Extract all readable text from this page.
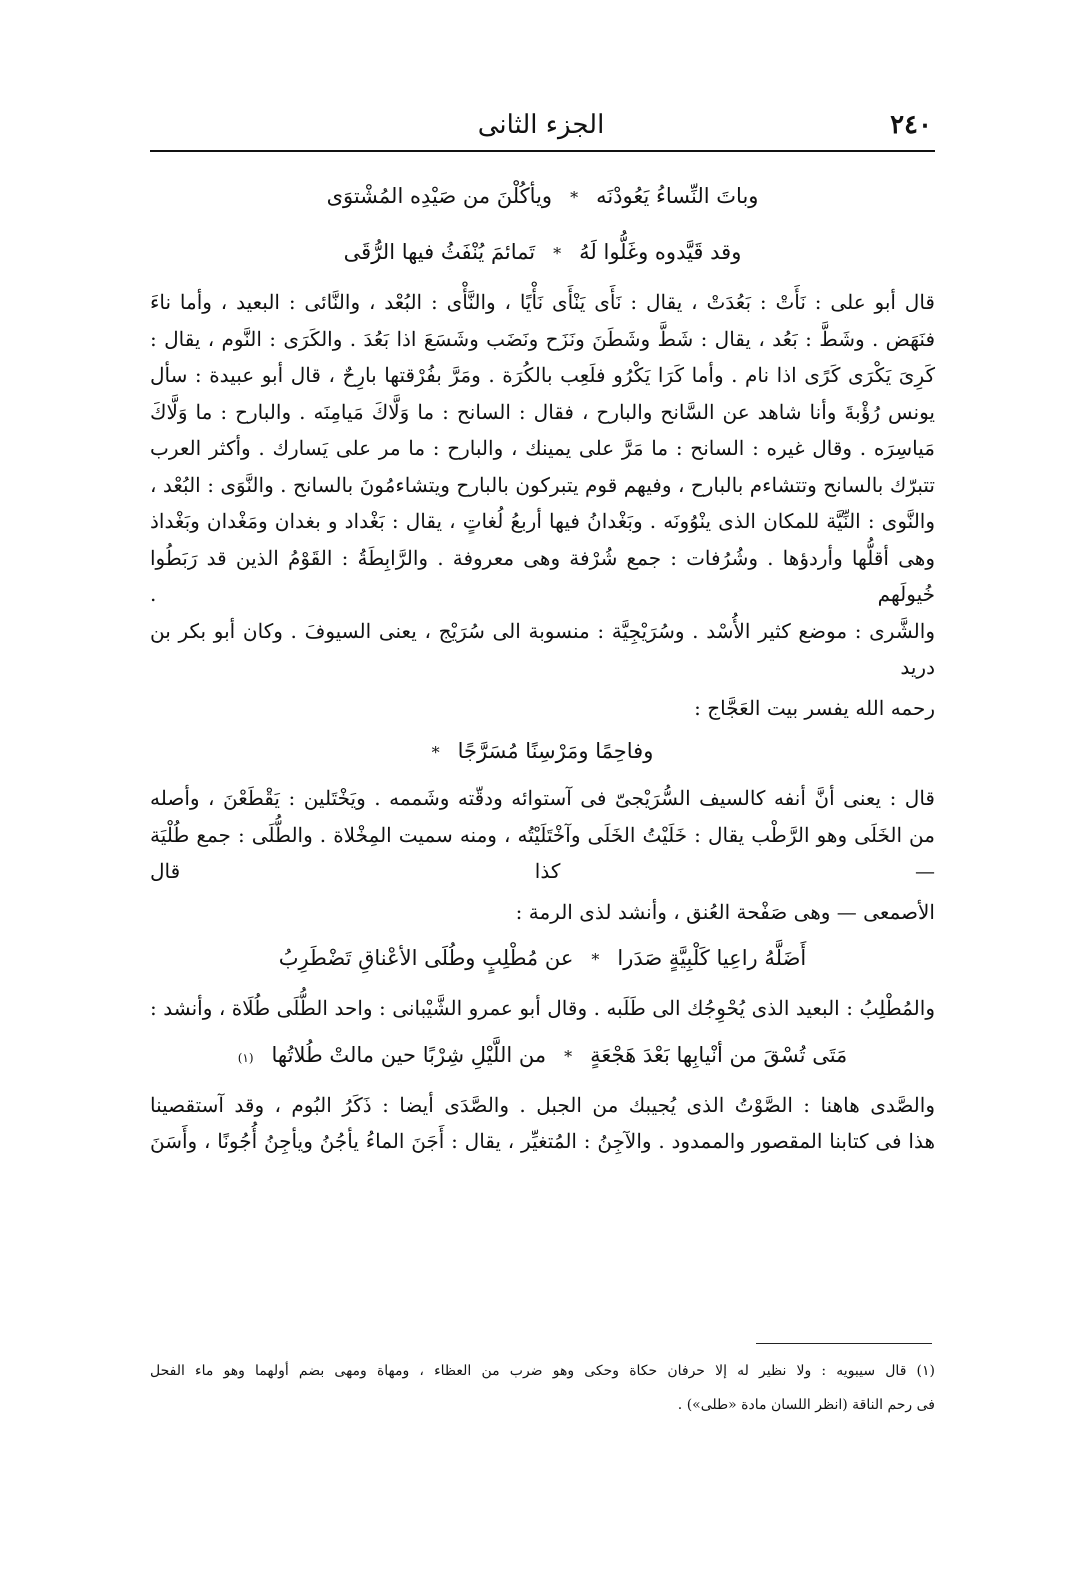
٢٤٠
الجزء الثانى
وباتَ النِّساءُ يَعُودْنَه
*
ويأكُلْنَ من صَيْدِه المُشْتوَى
وقد قَيَّدوه وغَلُّوا لَهُ
*
تَمائمَ يُنْفَثُ فيها الرُّقَى
قال أبو على : نَأَتْ : بَعُدَتْ ، يقال : نَأَى يَنْأَى نَأْيًا ، والنَّأْى : البُعْد ، والنَّائى : البعيد ، وأما ناءَ
فنَهَض . وشَطَّ : بَعُد ، يقال : شَطَّ وشَطَنَ ونَزَح ونَضَب وشَسَعَ اذا بَعُدَ . والكَرَى : النَّوم ، يقال :
كَرِىَ يَكْرَى كَرًى اذا نام . وأما كَرَا يَكْرُو فلَعِب بالكُرَة . ومَرَّ بفُرْقتها بارِحٌ ، قال أبو عبيدة : سأل
يونس رُؤْبةَ وأنا شاهد عن السَّانح والبارح ، فقال : السانح : ما وَلَّاكَ مَيامِنَه . والبارح : ما وَلَّاكَ
مَياسِرَه . وقال غيره : السانح : ما مَرَّ على يمينك ، والبارح : ما مر على يَسارك . وأكثر العرب
تتبرّك بالسانح وتتشاءم بالبارح ، وفيهم قوم يتبركون بالبارح ويتشاءمُونَ بالسانح . والنَّوَى : البُعْد ،
والنَّوى : النِّيَّة للمكان الذى ينْوُونَه . وبَغْدانُ فيها أربعُ لُغاتٍ ، يقال : بَغْداد و بغدان ومَغْدان وبَغْداذ
وهى أقلُّها وأردؤها . وشُرُفات : جمع شُرْفة وهى معروفة . والرَّابِطَةُ : القَوْمُ الذين قد رَبَطُوا خُيولَهم .
والشَّرى : موضع كثير الأُسْد . وسُرَيْجِيَّة : منسوبة الى سُرَيْج ، يعنى السيوفَ . وكان أبو بكر بن دريد
رحمه الله يفسر بيت العَجَّاج :
وفاحِمًا ومَرْسِنًا مُسَرَّجًا
*
قال : يعنى أنَّ أنفه كالسيف السُّرَيْجىّ فى آستوائه ودقّته وشَممه . ويَخْتَلين : يَقْطَعْنَ ، وأصله
من الخَلَى وهو الرَّطْب يقال : خَلَيْتُ الخَلَى وآخْتَلَيْتُه ، ومنه سميت المِخْلاة . والطُّلَى : جمع طُلْيَة — كذا قال
الأصمعى — وهى صَفْحة العُنق ، وأنشد لذى الرمة :
أَضَلَّهُ راعِيا كَلْبِيَّةٍ صَدَرا
*
عن مُطْلِبٍ وطُلَى الأعْناقِ تَضْطَرِبُ
والمُطْلِبُ : البعيد الذى يُحْوِجُك الى طَلَبه . وقال أبو عمرو الشَّيْبانى : واحد الطُّلَى طُلَاة ، وأنشد :
مَتَى تُسْقَ من أنْيابِها بَعْدَ هَجْعَةٍ
*
من اللَّيْلِ شِرْبًا حين مالتْ طُلاتُها
(١)
والصَّدى هاهنا : الصَّوْتُ الذى يُجيبك من الجبل . والصَّدَى أيضا : ذَكَرُ البُوم ، وقد آستقصينا
هذا فى كتابنا المقصور والممدود . والآجِنُ : المُتغيِّر ، يقال : أَجَنَ الماءُ يأجُنُ ويأجِنُ أُجُونًا ، وأَسَنَ
(١) قال سيبويه : ولا نظير له إلا حرفان حكاة وحكى وهو ضرب من العظاء ، ومهاة ومهى بضم أولهما وهو ماء الفحل
فى رحم الناقة (انظر اللسان مادة «طلى») .
